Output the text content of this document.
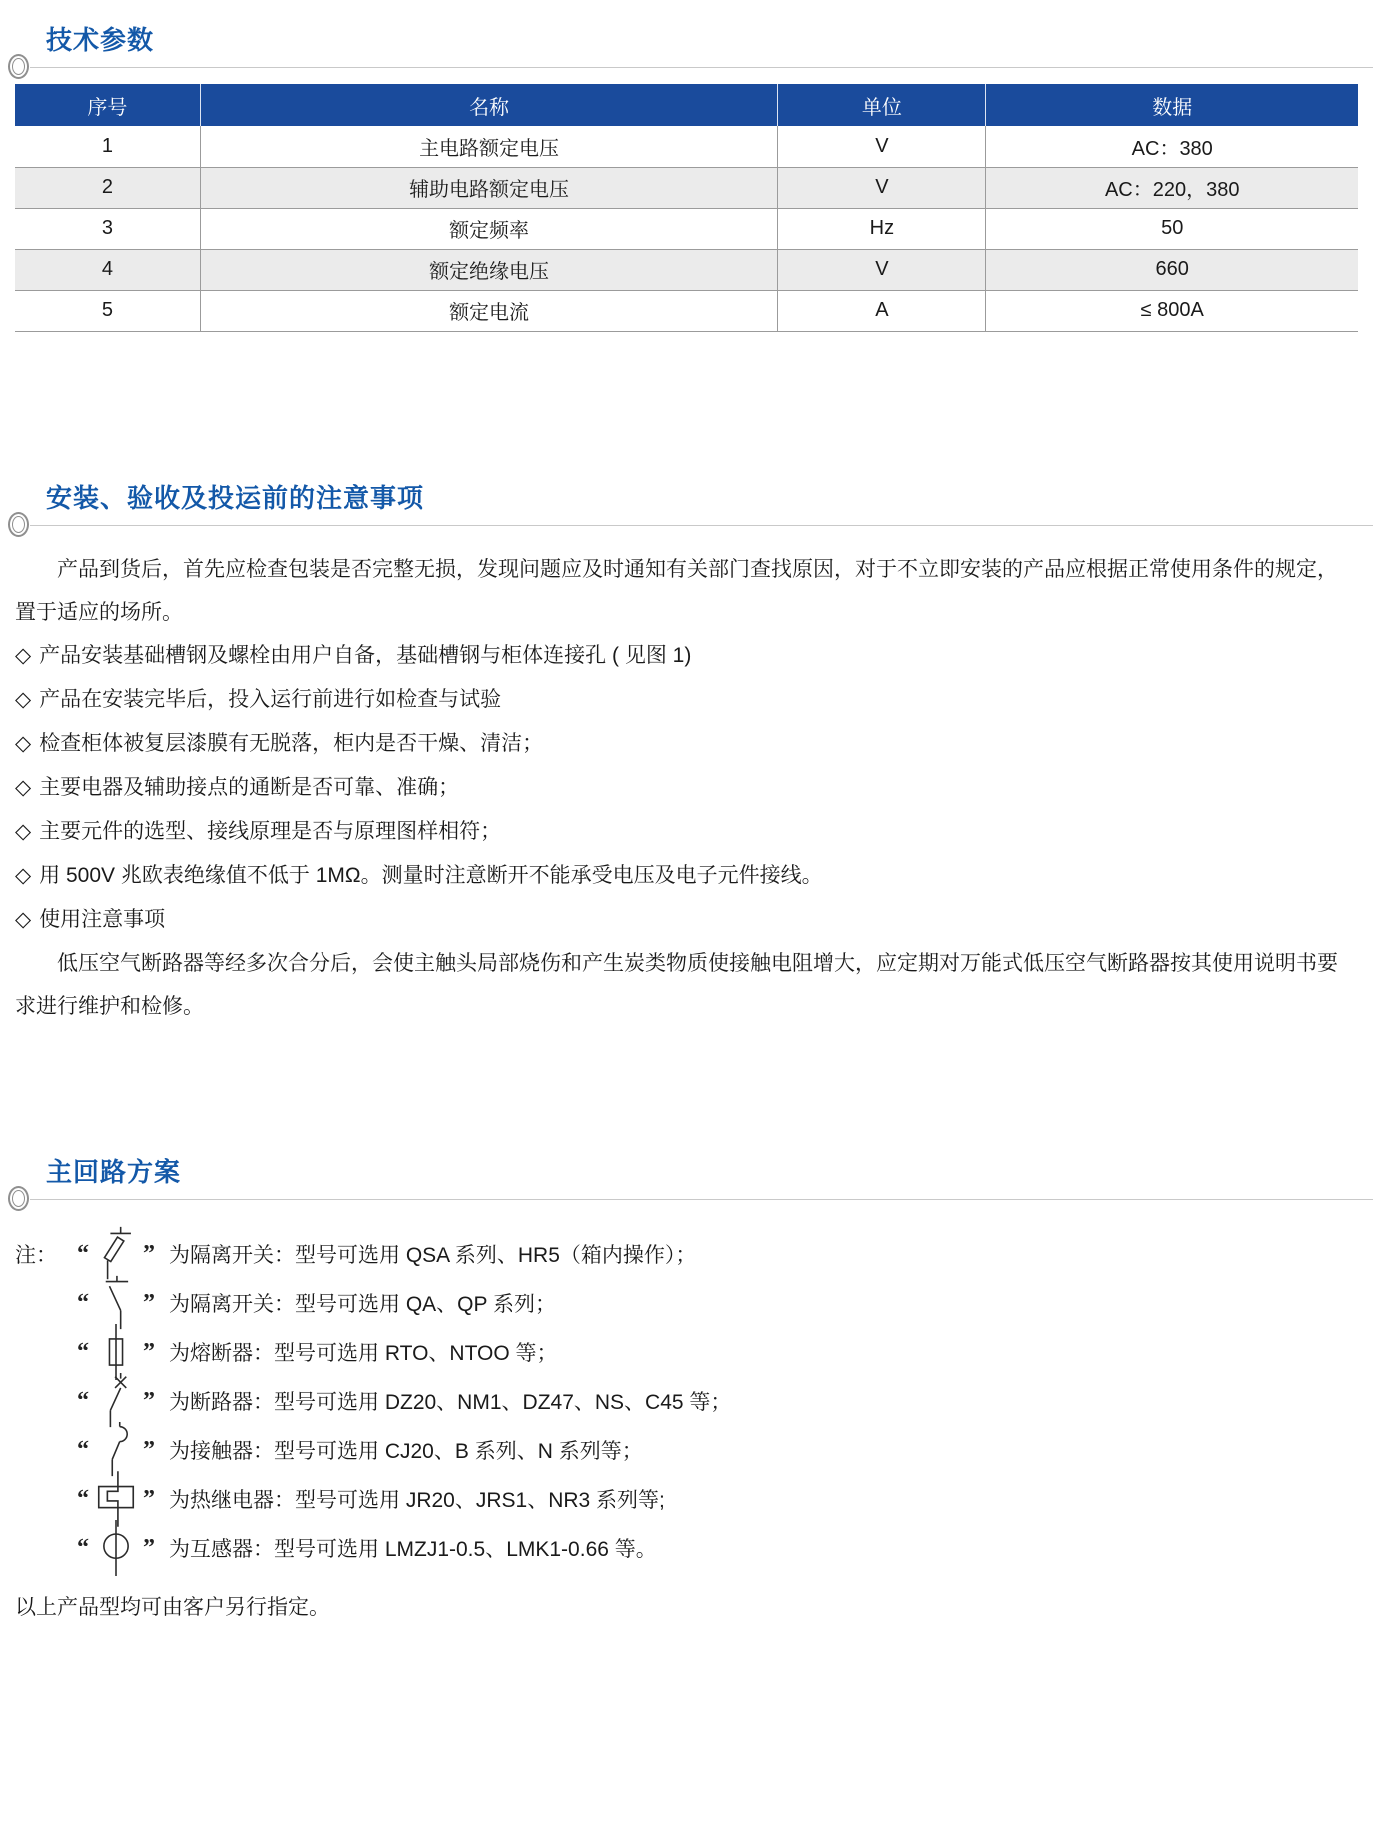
技术参数
序号	名称	单位	数据
1	主电路额定电压	V	AC：380
2	辅助电路额定电压	V	AC：220，380
3	额定频率	Hz	50
4	额定绝缘电压	V	660
5	额定电流	A	≤ 800A
安装、验收及投运前的注意事项

产品到货后，首先应检查包装是否完整无损，发现问题应及时通知有关部门查找原因，对于不立即安装的产品应根据正常使用条件的规定，置于适应的场所。

◇ 产品安装基础槽钢及螺栓由用户自备，基础槽钢与柜体连接孔 ( 见图 1)
◇ 产品在安装完毕后，投入运行前进行如检查与试验
◇ 检查柜体被复层漆膜有无脱落，柜内是否干燥、清洁；
◇ 主要电器及辅助接点的通断是否可靠、准确；
◇ 主要元件的选型、接线原理是否与原理图样相符；
◇ 用 500V 兆欧表绝缘值不低于 1MΩ。测量时注意断开不能承受电压及电子元件接线。
◇ 使用注意事项

低压空气断路器等经多次合分后，会使主触头局部烧伤和产生炭类物质使接触电阻增大，应定期对万能式低压空气断路器按其使用说明书要求进行维护和检修。

主回路方案
注： “ ” 为隔离开关：型号可选用 QSA 系列、HR5（箱内操作）；
“ ” 为隔离开关：型号可选用 QA、QP 系列；
“ ” 为熔断器：型号可选用 RTO、NTOO 等；
“ ” 为断路器：型号可选用 DZ20、NM1、DZ47、NS、C45 等；
“ ” 为接触器：型号可选用 CJ20、B 系列、N 系列等；
“ ” 为热继电器：型号可选用 JR20、JRS1、NR3 系列等;
“ ” 为互感器：型号可选用 LMZJ1-0.5、LMK1-0.66 等。

以上产品型均可由客户另行指定。
